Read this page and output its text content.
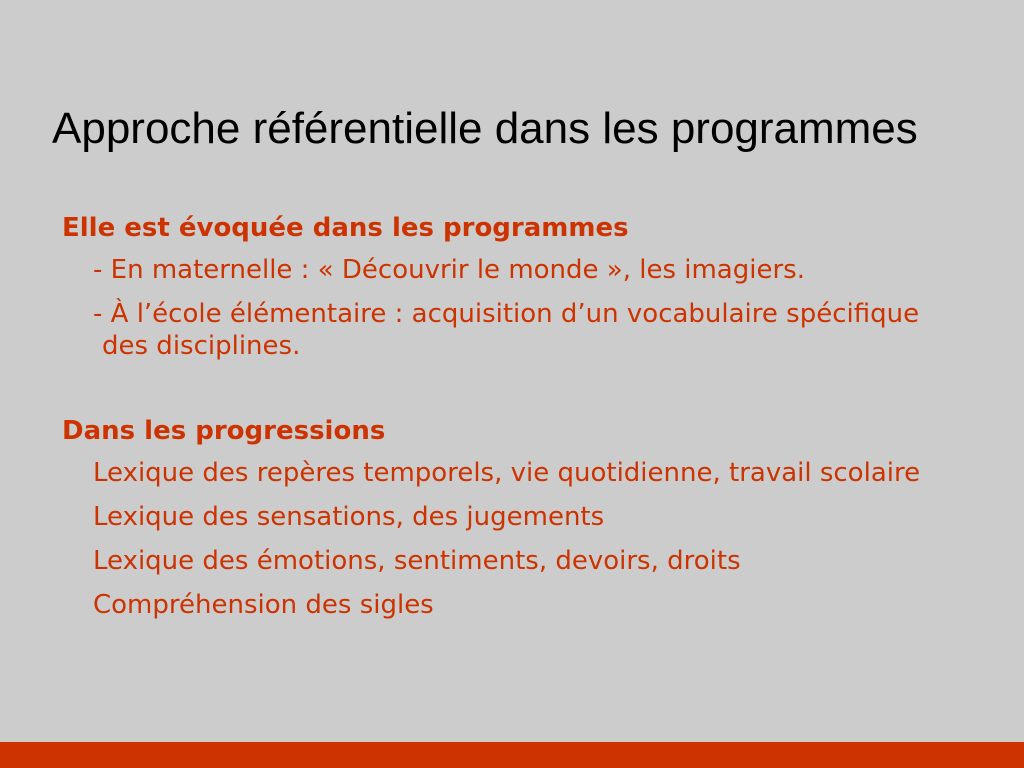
Approche référentielle dans les programmes
Elle est évoquée dans les programmes

- En maternelle : « Découvrir le monde », les imagiers.

- À l’école élémentaire : acquisition d’un vocabulaire spécifique des disciplines.

Dans les progressions

Lexique des repères temporels, vie quotidienne, travail scolaire

Lexique des sensations, des jugements

Lexique des émotions, sentiments, devoirs, droits

Compréhension des sigles
